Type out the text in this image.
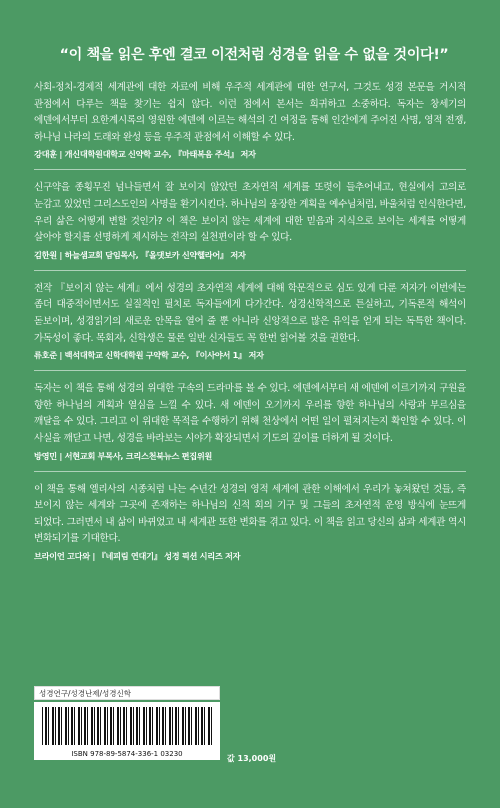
“이 책을 읽은 후엔 결코 이전처럼 성경을 읽을 수 없을 것이다!”

사회-정치-경제적 세계관에 대한 자료에 비해 우주적 세계관에 대한 연구서, 그것도 성경 본문을 거시적 관점에서 다루는 책을 찾기는 쉽지 않다. 이런 점에서 본서는 희귀하고 소중하다. 독자는 창세기의 에덴에서부터 요한계시록의 영원한 에덴에 이르는 해석의 긴 여정을 통해 인간에게 주어진 사명, 영적 전쟁, 하나님 나라의 도래와 완성 등을 우주적 관점에서 이해할 수 있다.

강대훈 | 개신대학원대학교 신약학 교수, 『마태복음 주석』 저자

신구약을 종횡무진 넘나들면서 잘 보이지 않았던 초자연적 세계를 또렷이 들추어내고, 현실에서 고의로 눈감고 있었던 그리스도인의 사명을 환기시킨다. 하나님의 웅장한 계획을 예수님처럼, 바울처럼 인식한다면, 우리 삶은 어떻게 변할 것인가? 이 책은 보이지 않는 세계에 대한 믿음과 지식으로 보이는 세계를 어떻게 살아야 할지를 선명하게 제시하는 전작의 실천편이라 할 수 있다.

김한원 | 하늘샘교회 담임목사, 『올댓보카 신약헬라어』 저자

전작 『보이지 않는 세계』에서 성경의 초자연적 세계에 대해 학문적으로 심도 있게 다룬 저자가 이번에는 좀더 대중적이면서도 실질적인 필치로 독자들에게 다가간다. 성경신학적으로 튼실하고, 기독론적 해석이 돋보이며, 성경읽기의 새로운 안목을 열어 줄 뿐 아니라 신앙적으로 많은 유익을 얻게 되는 독특한 책이다. 가독성이 좋다. 목회자, 신학생은 물론 일반 신자들도 꼭 한번 읽어볼 것을 권한다.

류호준 | 백석대학교 신학대학원 구약학 교수, 『이사야서 1』 저자

독자는 이 책을 통해 성경의 위대한 구속의 드라마를 볼 수 있다. 에덴에서부터 새 에덴에 이르기까지 구원을 향한 하나님의 계획과 열심을 느낄 수 있다. 새 에덴이 오기까지 우리를 향한 하나님의 사랑과 부르심을 깨달을 수 있다. 그리고 이 위대한 목적을 수행하기 위해 천상에서 어떤 일이 펼쳐지는지 확인할 수 있다. 이 사실을 깨닫고 나면, 성경을 바라보는 시야가 확장되면서 기도의 깊이를 더하게 될 것이다.

방영민 | 서현교회 부목사, 크리스천북뉴스 편집위원

이 책을 통해 엘리사의 시종처럼 나는 수년간 성경의 영적 세계에 관한 이해에서 우리가 놓쳐왔던 것들, 즉 보이지 않는 세계와 그곳에 존재하는 하나님의 신적 회의 기구 및 그들의 초자연적 운영 방식에 눈뜨게 되었다. 그러면서 내 삶이 바뀌었고 내 세계관 또한 변화를 겪고 있다. 이 책을 읽고 당신의 삶과 세계관 역시 변화되기를 기대한다.

브라이언 고다와 | 『네피림 연대기』 성경 픽션 시리즈 저자
성경연구/성경난제/성경신학
ISBN 978-89-5874-336-1 03230	값 13,000원
